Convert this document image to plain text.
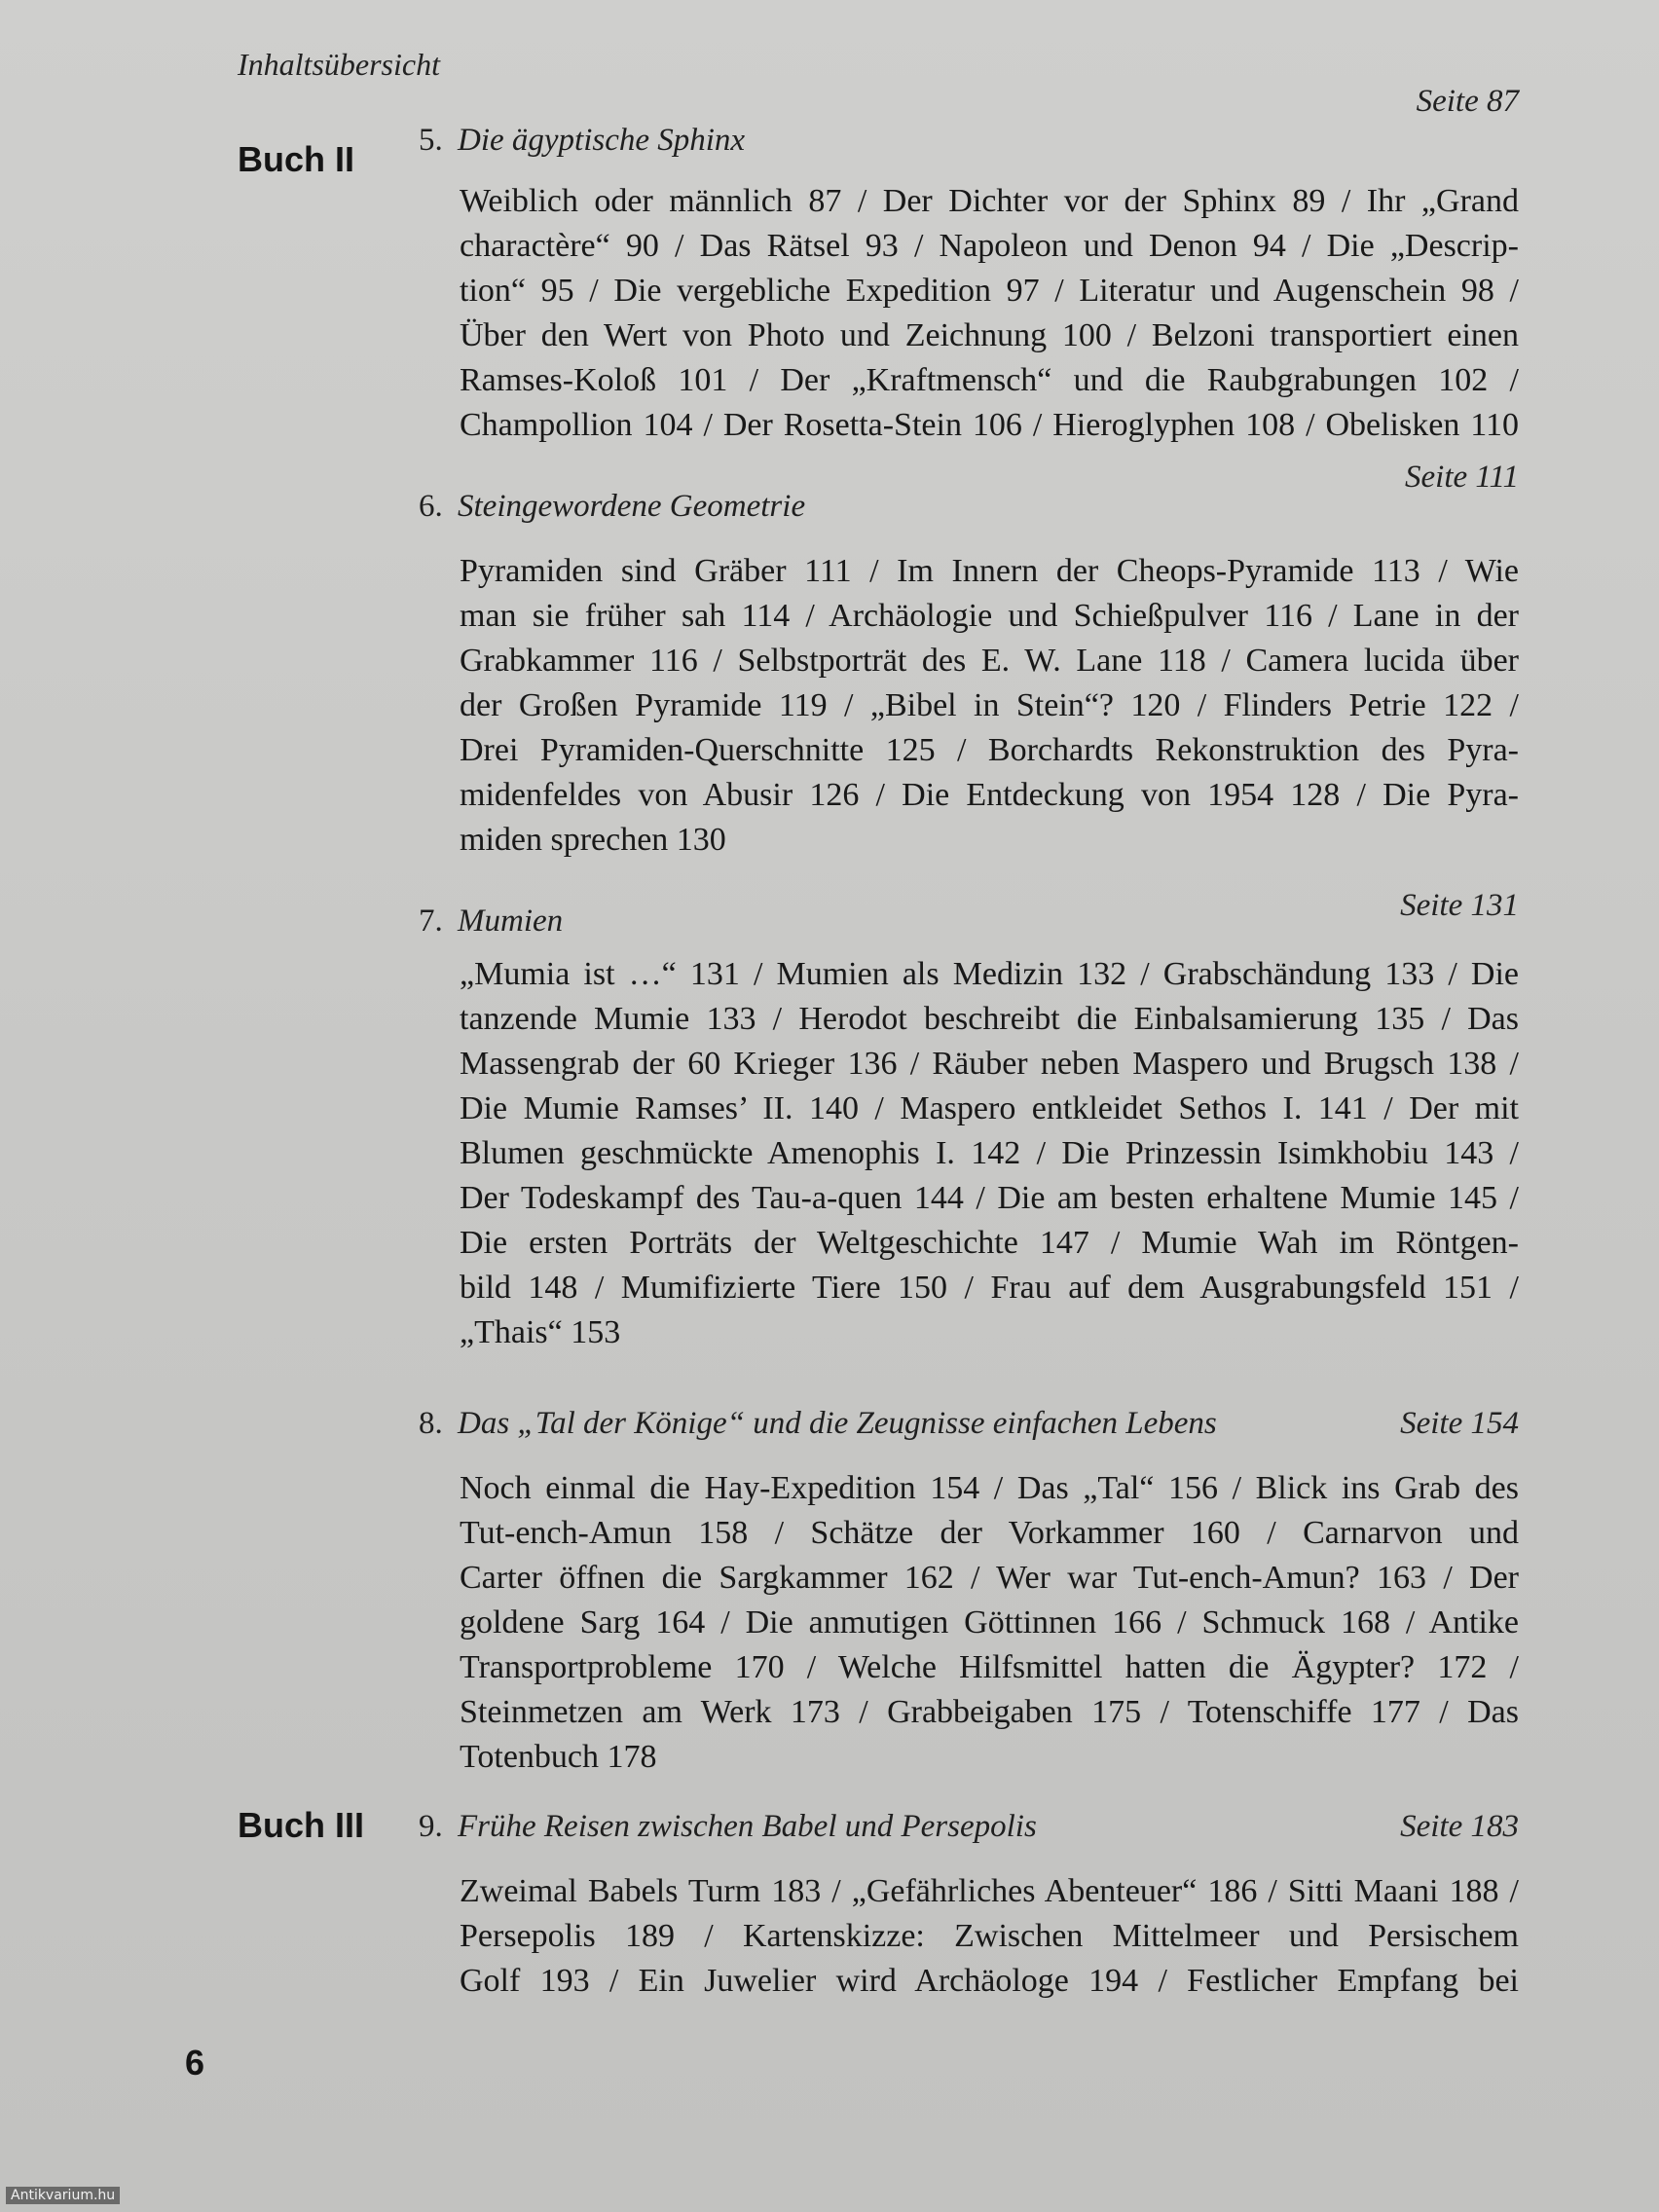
Inhaltsübersicht
Buch II
Buch III
Seite 87
5. Die ägyptische Sphinx
Weiblich oder männlich 87 / Der Dichter vor der Sphinx 89 / Ihr „Grand
charactère“ 90 / Das Rätsel 93 / Napoleon und Denon 94 / Die „Descrip-
tion“ 95 / Die vergebliche Expedition 97 / Literatur und Augenschein 98 /
Über den Wert von Photo und Zeichnung 100 / Belzoni transportiert einen
Ramses-Koloß 101 / Der „Kraftmensch“ und die Raubgrabungen 102 /
Champollion 104 / Der Rosetta-Stein 106 / Hieroglyphen 108 / Obelisken 110
Seite 111
6. Steingewordene Geometrie
Pyramiden sind Gräber 111 / Im Innern der Cheops-Pyramide 113 / Wie
man sie früher sah 114 / Archäologie und Schießpulver 116 / Lane in der
Grabkammer 116 / Selbstporträt des E. W. Lane 118 / Camera lucida über
der Großen Pyramide 119 / „Bibel in Stein“? 120 / Flinders Petrie 122 /
Drei Pyramiden-Querschnitte 125 / Borchardts Rekonstruktion des Pyra-
midenfeldes von Abusir 126 / Die Entdeckung von 1954 128 / Die Pyra-
miden sprechen 130
Seite 131
7. Mumien
„Mumia ist …“ 131 / Mumien als Medizin 132 / Grabschändung 133 / Die
tanzende Mumie 133 / Herodot beschreibt die Einbalsamierung 135 / Das
Massengrab der 60 Krieger 136 / Räuber neben Maspero und Brugsch 138 /
Die Mumie Ramses’ II. 140 / Maspero entkleidet Sethos I. 141 / Der mit
Blumen geschmückte Amenophis I. 142 / Die Prinzessin Isimkhobiu 143 /
Der Todeskampf des Tau-a-quen 144 / Die am besten erhaltene Mumie 145 /
Die ersten Porträts der Weltgeschichte 147 / Mumie Wah im Röntgen-
bild 148 / Mumifizierte Tiere 150 / Frau auf dem Ausgrabungsfeld 151 /
„Thais“ 153
Seite 154
8. Das „Tal der Könige“ und die Zeugnisse einfachen Lebens
Noch einmal die Hay-Expedition 154 / Das „Tal“ 156 / Blick ins Grab des
Tut-ench-Amun 158 / Schätze der Vorkammer 160 / Carnarvon und
Carter öffnen die Sargkammer 162 / Wer war Tut-ench-Amun? 163 / Der
goldene Sarg 164 / Die anmutigen Göttinnen 166 / Schmuck 168 / Antike
Transportprobleme 170 / Welche Hilfsmittel hatten die Ägypter? 172 /
Steinmetzen am Werk 173 / Grabbeigaben 175 / Totenschiffe 177 / Das
Totenbuch 178
Seite 183
9. Frühe Reisen zwischen Babel und Persepolis
Zweimal Babels Turm 183 / „Gefährliches Abenteuer“ 186 / Sitti Maani 188 /
Persepolis 189 / Kartenskizze: Zwischen Mittelmeer und Persischem
Golf 193 / Ein Juwelier wird Archäologe 194 / Festlicher Empfang bei
6
Antikvarium.hu
